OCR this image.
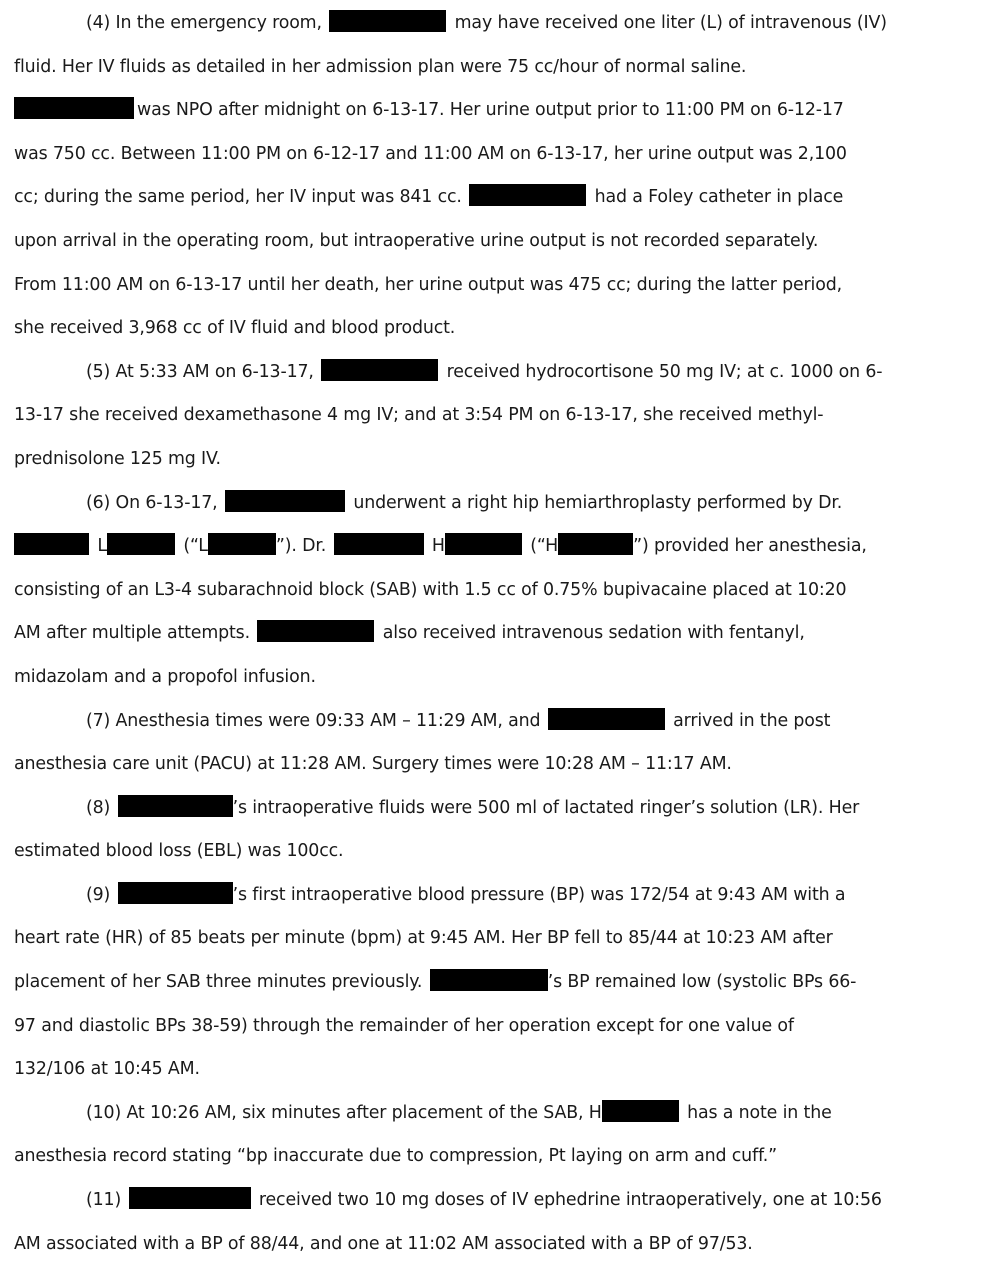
(4) In the emergency room,	may have received one liter (L) of intravenous (IV)
fluid. Her IV fluids as detailed in her admission plan were 75 cc/hour of normal saline.
was NPO after midnight on 6-13-17. Her urine output prior to 11:00 PM on 6-12-17
was 750 cc. Between 11:00 PM on 6-12-17 and 11:00 AM on 6-13-17, her urine output was 2,100
cc; during the same period, her IV input was 841 cc.	had a Foley catheter in place
upon arrival in the operating room, but intraoperative urine output is not recorded separately.
From 11:00 AM on 6-13-17 until her death, her urine output was 475 cc; during the latter period,
she received 3,968 cc of IV fluid and blood product.
(5) At 5:33 AM on 6-13-17,	received hydrocortisone 50 mg IV; at c. 1000 on 6-
13-17 she received dexamethasone 4 mg IV; and at 3:54 PM on 6-13-17, she received methyl-
prednisolone 125 mg IV.
(6) On 6-13-17,	underwent a right hip hemiarthroplasty performed by Dr.
L	(“L	”). Dr.	H	(“H	”) provided her anesthesia,
consisting of an L3-4 subarachnoid block (SAB) with 1.5 cc of 0.75% bupivacaine placed at 10:20
AM after multiple attempts.	also received intravenous sedation with fentanyl,
midazolam and a propofol infusion.
(7) Anesthesia times were 09:33 AM – 11:29 AM, and	arrived in the post
anesthesia care unit (PACU) at 11:28 AM. Surgery times were 10:28 AM – 11:17 AM.
(8)	’s intraoperative fluids were 500 ml of lactated ringer’s solution (LR). Her
estimated blood loss (EBL) was 100cc.
(9)	’s first intraoperative blood pressure (BP) was 172/54 at 9:43 AM with a
heart rate (HR) of 85 beats per minute (bpm) at 9:45 AM. Her BP fell to 85/44 at 10:23 AM after
placement of her SAB three minutes previously.	’s BP remained low (systolic BPs 66-
97 and diastolic BPs 38-59) through the remainder of her operation except for one value of
132/106 at 10:45 AM.
(10) At 10:26 AM, six minutes after placement of the SAB, H	has a note in the
anesthesia record stating “bp inaccurate due to compression, Pt laying on arm and cuff.”
(11)	received two 10 mg doses of IV ephedrine intraoperatively, one at 10:56
AM associated with a BP of 88/44, and one at 11:02 AM associated with a BP of 97/53.
